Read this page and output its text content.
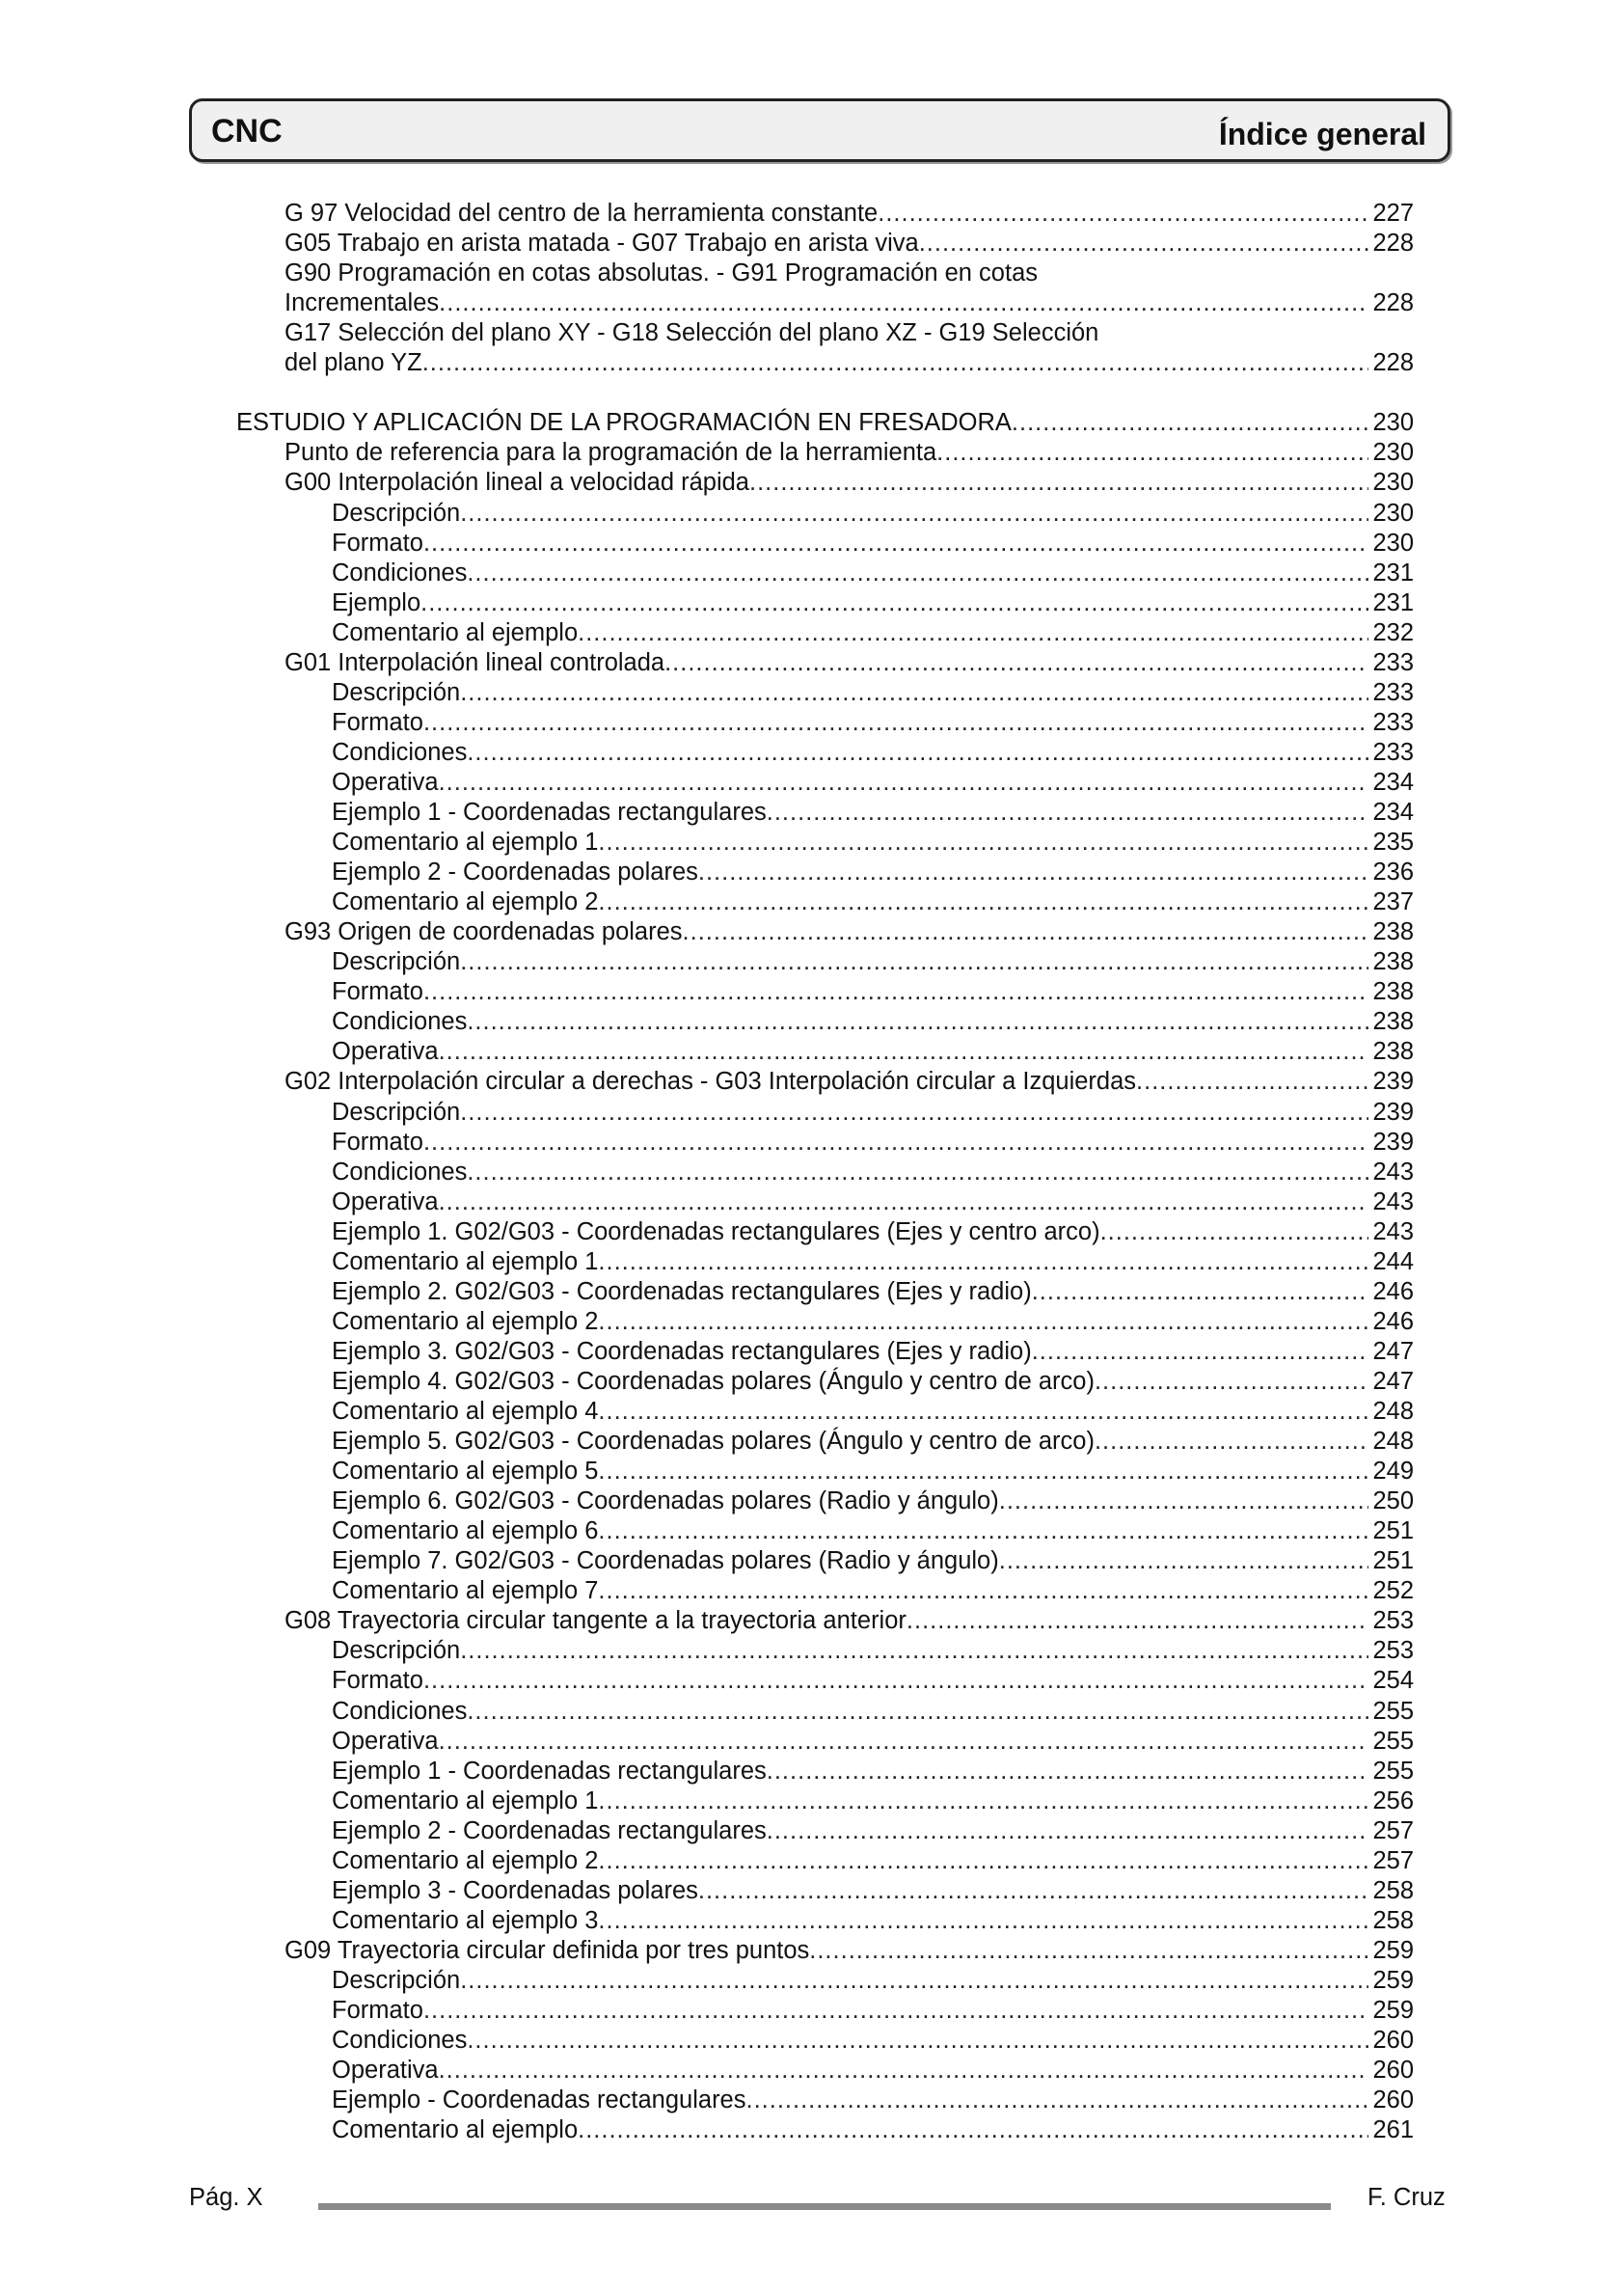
CNC	Índice general
G 97 Velocidad del centro de la herramienta constante .....	227
G05 Trabajo en arista matada - G07 Trabajo en arista viva .....	228
G90 Programación en cotas absolutas. - G91 Programación en cotas
Incrementales .....	228
G17 Selección del plano XY - G18 Selección del plano XZ - G19 Selección
del plano YZ .....	228
ESTUDIO Y APLICACIÓN DE LA PROGRAMACIÓN EN FRESADORA .....	230
Punto de referencia para la programación de la herramienta .....	230
G00 Interpolación lineal a velocidad rápida .....	230
Descripción .....	230
Formato .....	230
Condiciones .....	231
Ejemplo .....	231
Comentario al ejemplo .....	232
G01 Interpolación lineal controlada .....	233
Descripción .....	233
Formato .....	233
Condiciones .....	233
Operativa .....	234
Ejemplo 1 - Coordenadas rectangulares .....	234
Comentario al ejemplo 1 .....	235
Ejemplo 2 - Coordenadas polares .....	236
Comentario al ejemplo 2 .....	237
G93 Origen de coordenadas polares .....	238
Descripción .....	238
Formato .....	238
Condiciones .....	238
Operativa .....	238
G02 Interpolación circular a derechas - G03 Interpolación circular a Izquierdas .....	239
Descripción .....	239
Formato .....	239
Condiciones .....	243
Operativa .....	243
Ejemplo 1. G02/G03 - Coordenadas rectangulares (Ejes y centro arco) .....	243
Comentario al ejemplo 1 .....	244
Ejemplo 2. G02/G03 - Coordenadas rectangulares (Ejes y radio) .....	246
Comentario al ejemplo 2 .....	246
Ejemplo 3. G02/G03 - Coordenadas rectangulares (Ejes y radio) .....	247
Ejemplo 4. G02/G03 - Coordenadas polares (Ángulo y centro de arco) .....	247
Comentario al ejemplo 4 .....	248
Ejemplo 5. G02/G03 - Coordenadas polares (Ángulo y centro de arco) .....	248
Comentario al ejemplo 5 .....	249
Ejemplo 6. G02/G03 - Coordenadas polares (Radio y ángulo) .....	250
Comentario al ejemplo 6 .....	251
Ejemplo 7. G02/G03 - Coordenadas polares (Radio y ángulo) .....	251
Comentario al ejemplo 7 .....	252
G08 Trayectoria circular tangente a la trayectoria anterior .....	253
Descripción .....	253
Formato .....	254
Condiciones .....	255
Operativa .....	255
Ejemplo 1 - Coordenadas rectangulares .....	255
Comentario al ejemplo 1 .....	256
Ejemplo 2 - Coordenadas rectangulares .....	257
Comentario al ejemplo 2 .....	257
Ejemplo 3 - Coordenadas polares .....	258
Comentario al ejemplo 3 .....	258
G09 Trayectoria circular definida por tres puntos .....	259
Descripción .....	259
Formato .....	259
Condiciones .....	260
Operativa .....	260
Ejemplo - Coordenadas rectangulares .....	260
Comentario al ejemplo .....	261
Pág. X	F. Cruz
